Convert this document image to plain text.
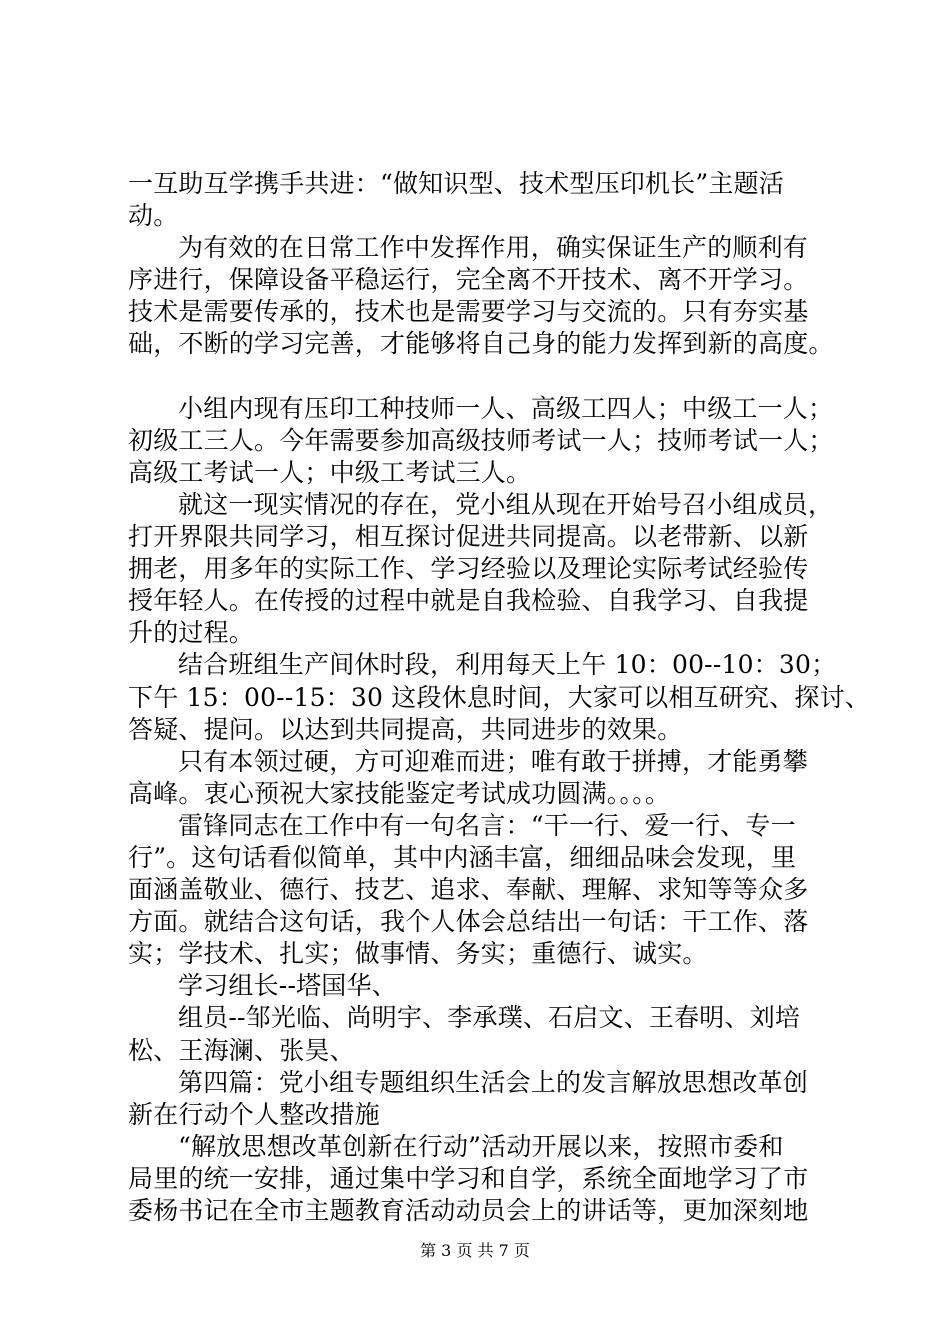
一互助互学携手共进：“做知识型、技术型压印机长”主题活
动。
为有效的在日常工作中发挥作用，确实保证生产的顺利有
序进行，保障设备平稳运行，完全离不开技术、离不开学习。
技术是需要传承的，技术也是需要学习与交流的。只有夯实基
础，不断的学习完善，才能够将自己身的能力发挥到新的高度。
小组内现有压印工种技师一人、高级工四人；中级工一人；
初级工三人。今年需要参加高级技师考试一人；技师考试一人；
高级工考试一人；中级工考试三人。
就这一现实情况的存在，党小组从现在开始号召小组成员，
打开界限共同学习，相互探讨促进共同提高。以老带新、以新
拥老，用多年的实际工作、学习经验以及理论实际考试经验传
授年轻人。在传授的过程中就是自我检验、自我学习、自我提
升的过程。
结合班组生产间休时段，利用每天上午 10：00--10：30；
下午 15：00--15：30 这段休息时间，大家可以相互研究、探讨、
答疑、提问。以达到共同提高，共同进步的效果。
只有本领过硬，方可迎难而进；唯有敢于拼搏，才能勇攀
高峰。衷心预祝大家技能鉴定考试成功圆满。。。。
雷锋同志在工作中有一句名言：“干一行、爱一行、专一
行”。这句话看似简单，其中内涵丰富，细细品味会发现，里
面涵盖敬业、德行、技艺、追求、奉献、理解、求知等等众多
方面。就结合这句话，我个人体会总结出一句话：干工作、落
实；学技术、扎实；做事情、务实；重德行、诚实。
学习组长--塔国华、
组员--邹光临、尚明宇、李承璞、石启文、王春明、刘培
松、王海澜、张昊、
第四篇：党小组专题组织生活会上的发言解放思想改革创
新在行动个人整改措施
“解放思想改革创新在行动”活动开展以来，按照市委和
局里的统一安排，通过集中学习和自学，系统全面地学习了市
委杨书记在全市主题教育活动动员会上的讲话等，更加深刻地
第 3 页 共 7 页
